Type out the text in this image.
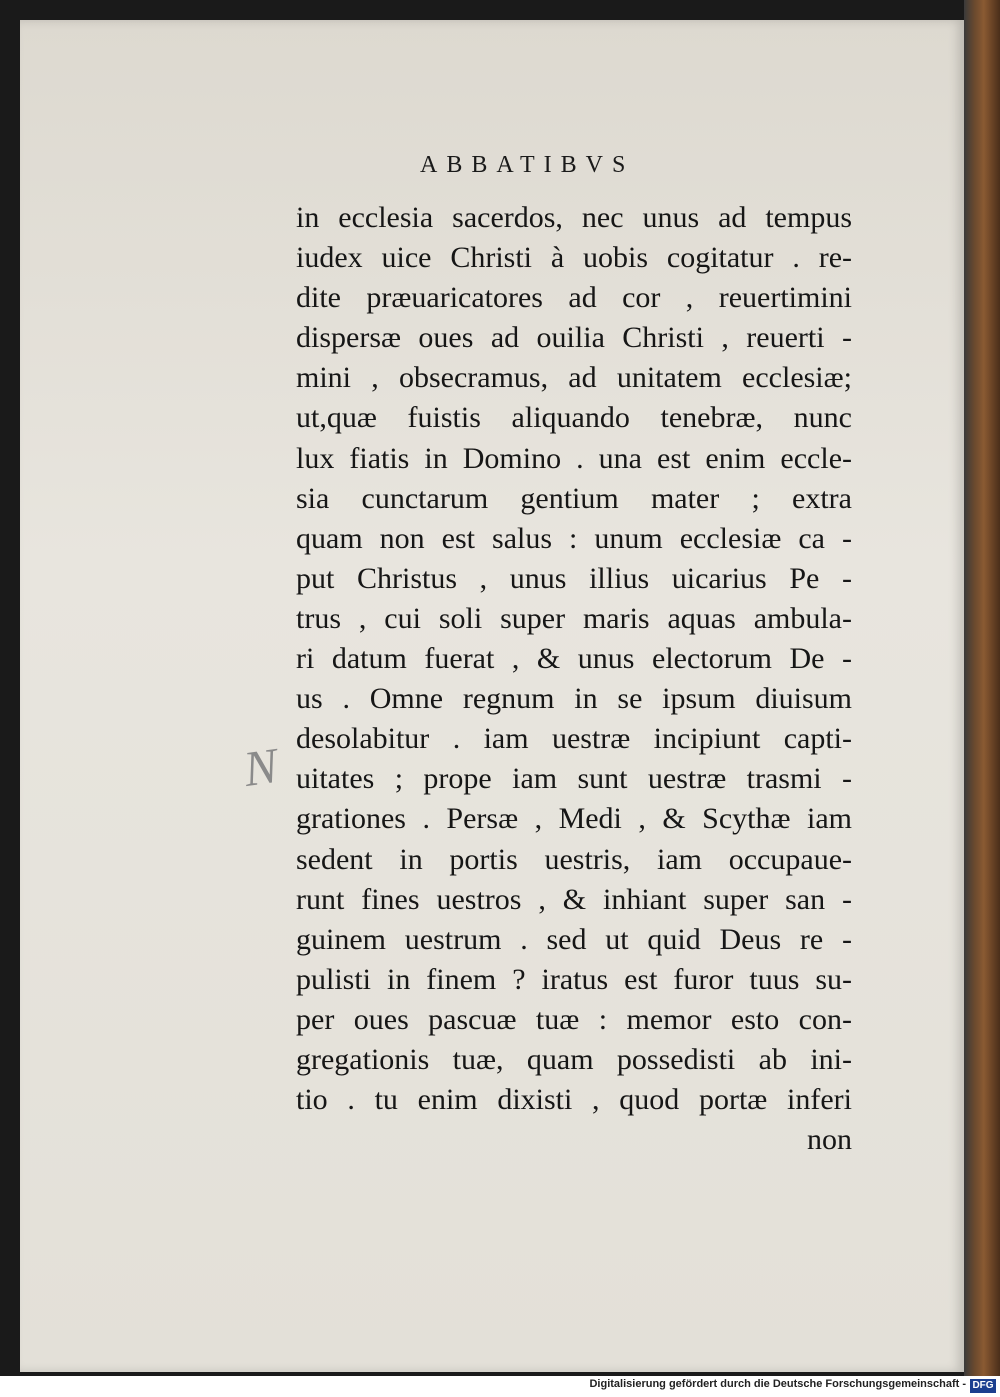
ABBATIBVS
N
in ecclesia sacerdos, nec unus ad tempus
iudex uice Christi à uobis cogitatur . re-
dite præuaricatores ad cor , reuertimini
dispersæ oues ad ouilia Christi , reuerti -
mini , obsecramus, ad unitatem ecclesiæ;
ut,quæ fuistis aliquando tenebræ, nunc
lux fiatis in Domino . una est enim eccle-
sia cunctarum gentium mater ; extra
quam non est salus : unum ecclesiæ ca -
put Christus , unus illius uicarius Pe -
trus , cui soli super maris aquas ambula-
ri datum fuerat , & unus electorum De -
us . Omne regnum in se ipsum diuisum
desolabitur . iam uestræ incipiunt capti-
uitates ; prope iam sunt uestræ trasmi -
grationes . Persæ , Medi , & Scythæ iam
sedent in portis uestris, iam occupaue-
runt fines uestros , & inhiant super san -
guinem uestrum . sed ut quid Deus re -
pulisti in finem ? iratus est furor tuus su-
per oues pascuæ tuæ : memor esto con-
gregationis tuæ, quam possedisti ab ini-
tio . tu enim dixisti , quod portæ inferi
non
Digitalisierung gefördert durch die Deutsche Forschungsgemeinschaft - DFG
